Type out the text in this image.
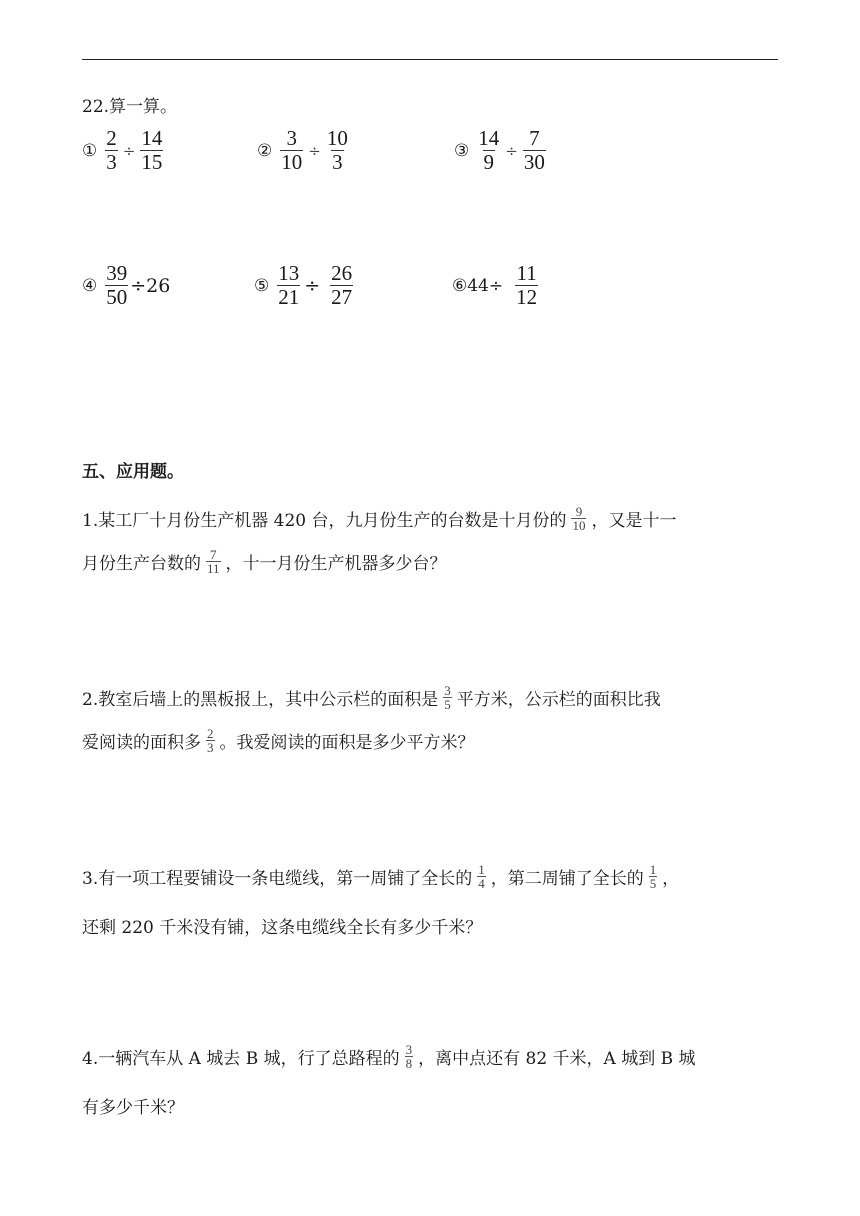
22.算一算。
① $\frac{2}{3} \div \frac{14}{15}$	② $\frac{3}{10} \div \frac{10}{3}$	③ $\frac{14}{9} \div \frac{7}{30}$
④ $\frac{39}{50} \div 26$	⑤ $\frac{13}{21} \div \frac{26}{27}$	⑥44÷ $\frac{11}{12}$
五、应用题。
1.某工厂十月份生产机器 420 台，九月份生产的台数是十月份的 $\frac{9}{10}$ ，又是十一
月份生产台数的 $\frac{7}{11}$ ，十一月份生产机器多少台？
2.教室后墙上的黑板报上，其中公示栏的面积是 $\frac{3}{5}$ 平方米，公示栏的面积比我
爱阅读的面积多 $\frac{2}{3}$ 。我爱阅读的面积是多少平方米？
3.有一项工程要铺设一条电缆线，第一周铺了全长的 $\frac{1}{4}$ ，第二周铺了全长的 $\frac{1}{5}$ ，
还剩 220 千米没有铺，这条电缆线全长有多少千米？
4.一辆汽车从 A 城去 B 城，行了总路程的 $\frac{3}{8}$ ，离中点还有 82 千米，A 城到 B 城
有多少千米？
